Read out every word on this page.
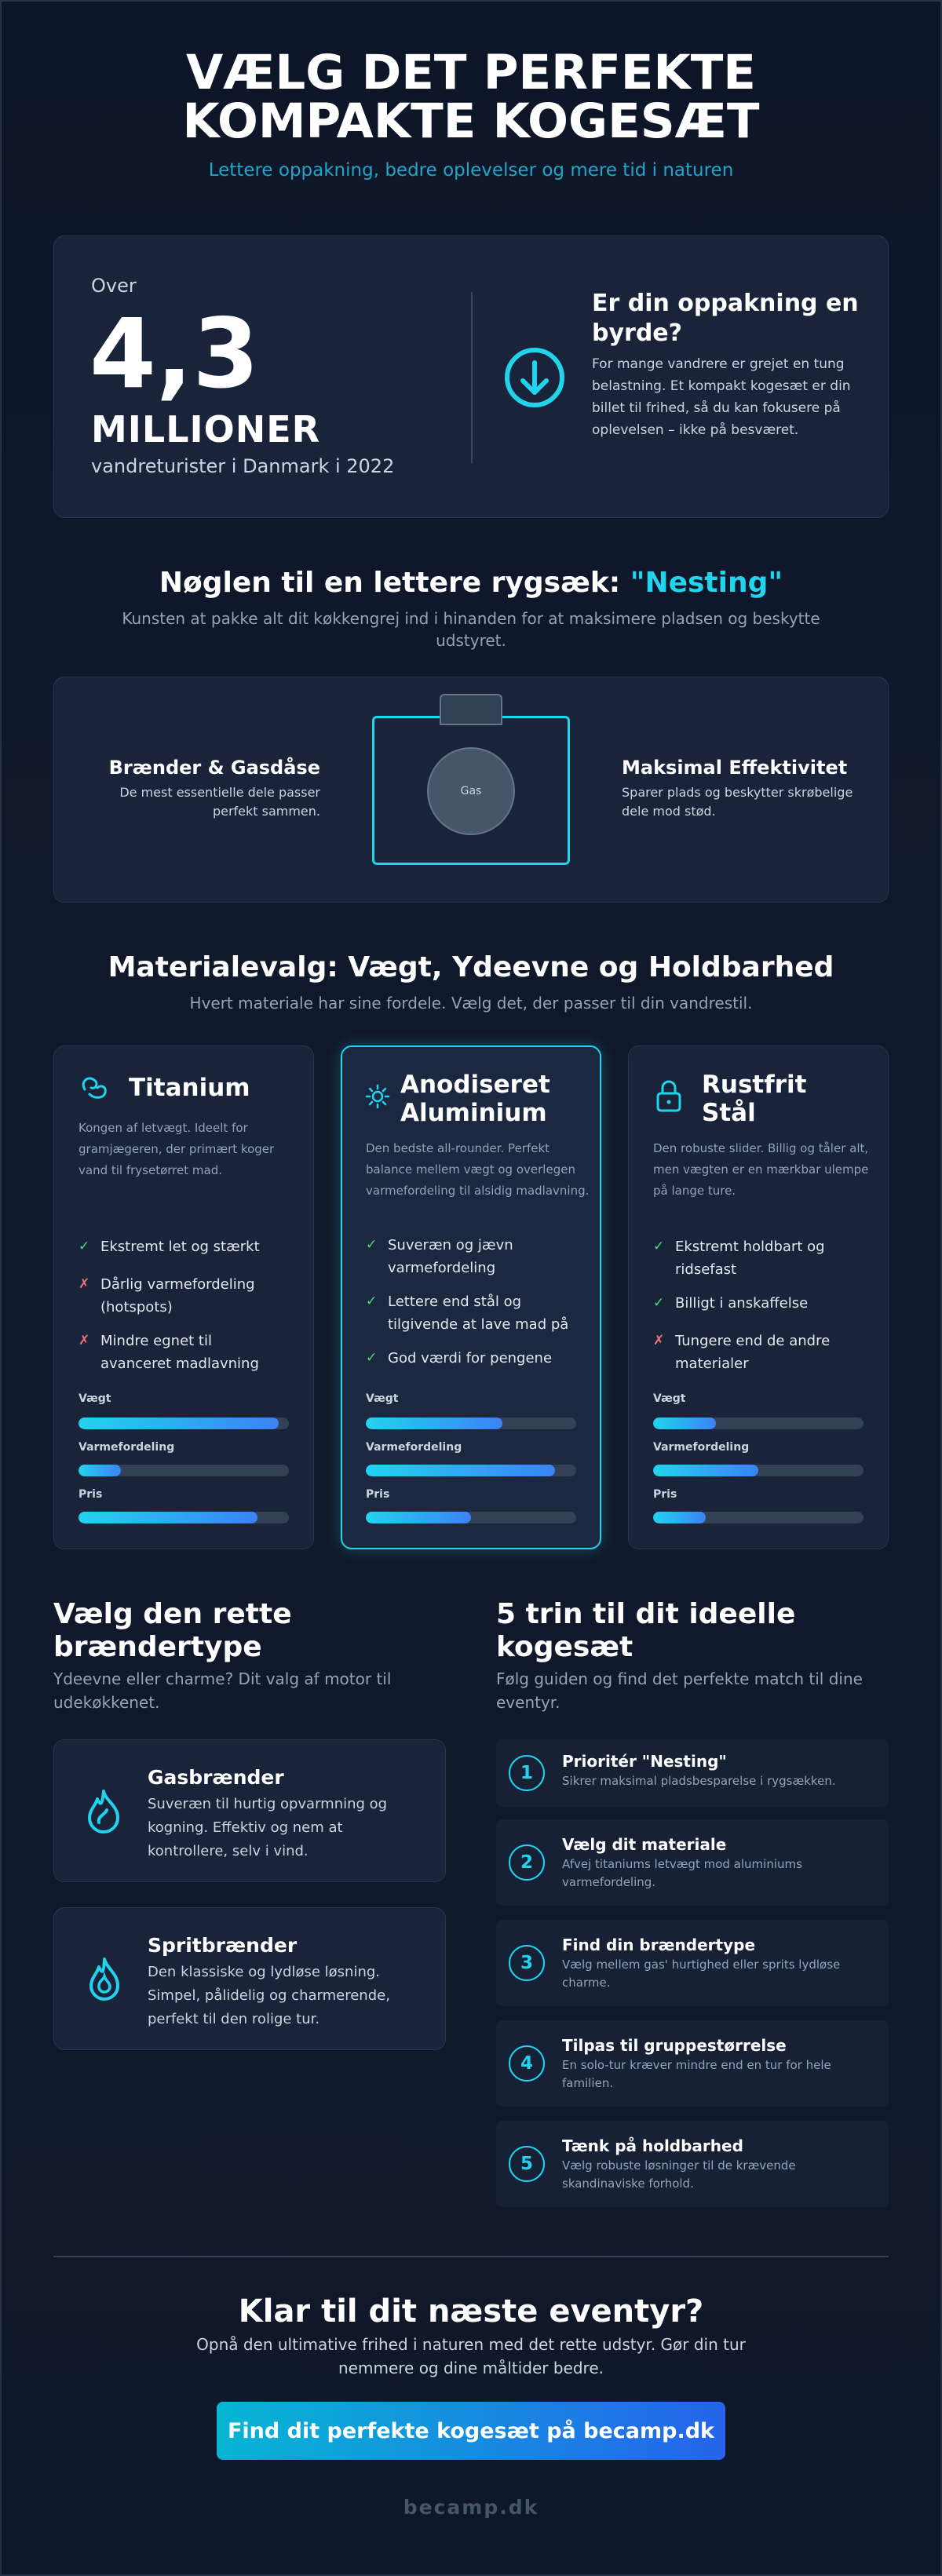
VÆLG DET PERFEKTE KOMPAKTE KOGESÆT
Lettere oppakning, bedre oplevelser og mere tid i naturen
Over
4,3
MILLIONER
vandreturister i Danmark i 2022
Er din oppakning en byrde?
For mange vandrere er grejet en tung belastning. Et kompakt kogesæt er din billet til frihed, så du kan fokusere på oplevelsen – ikke på besværet.
Nøglen til en lettere rygsæk: "Nesting"
Kunsten at pakke alt dit køkkengrej ind i hinanden for at maksimere pladsen og beskytte udstyret.
Brænder & Gasdåse
De mest essentielle dele passer perfekt sammen.
Gas
Maksimal Effektivitet
Sparer plads og beskytter skrøbelige dele mod stød.
Materialevalg: Vægt, Ydeevne og Holdbarhed
Hvert materiale har sine fordele. Vælg det, der passer til din vandrestil.
Titanium
Kongen af letvægt. Ideelt for gramjægeren, der primært koger vand til frysetørret mad.
✓ Ekstremt let og stærkt
✗ Dårlig varmefordeling (hotspots)
✗ Mindre egnet til avanceret madlavning
Vægt
Varmefordeling
Pris
Anodiseret Aluminium
Den bedste all-rounder. Perfekt balance mellem vægt og overlegen varmefordeling til alsidig madlavning.
✓ Suveræn og jævn varmefordeling
✓ Lettere end stål og tilgivende at lave mad på
✓ God værdi for pengene
Vægt
Varmefordeling
Pris
Rustfrit Stål
Den robuste slider. Billig og tåler alt, men vægten er en mærkbar ulempe på lange ture.
✓ Ekstremt holdbart og ridsefast
✓ Billigt i anskaffelse
✗ Tungere end de andre materialer
Vægt
Varmefordeling
Pris
Vælg den rette brændertype
Ydeevne eller charme? Dit valg af motor til udekøkkenet.
Gasbrænder
Suveræn til hurtig opvarmning og kogning. Effektiv og nem at kontrollere, selv i vind.
Spritbrænder
Den klassiske og lydløse løsning. Simpel, pålidelig og charmerende, perfekt til den rolige tur.
5 trin til dit ideelle kogesæt
Følg guiden og find det perfekte match til dine eventyr.
1
Prioritér "Nesting"
Sikrer maksimal pladsbesparelse i rygsækken.
2
Vælg dit materiale
Afvej titaniums letvægt mod aluminiums varmefordeling.
3
Find din brændertype
Vælg mellem gas' hurtighed eller sprits lydløse charme.
4
Tilpas til gruppestørrelse
En solo-tur kræver mindre end en tur for hele familien.
5
Tænk på holdbarhed
Vælg robuste løsninger til de krævende skandinaviske forhold.
Klar til dit næste eventyr?
Opnå den ultimative frihed i naturen med det rette udstyr. Gør din tur nemmere og dine måltider bedre.
Find dit perfekte kogesæt på becamp.dk
becamp.dk
